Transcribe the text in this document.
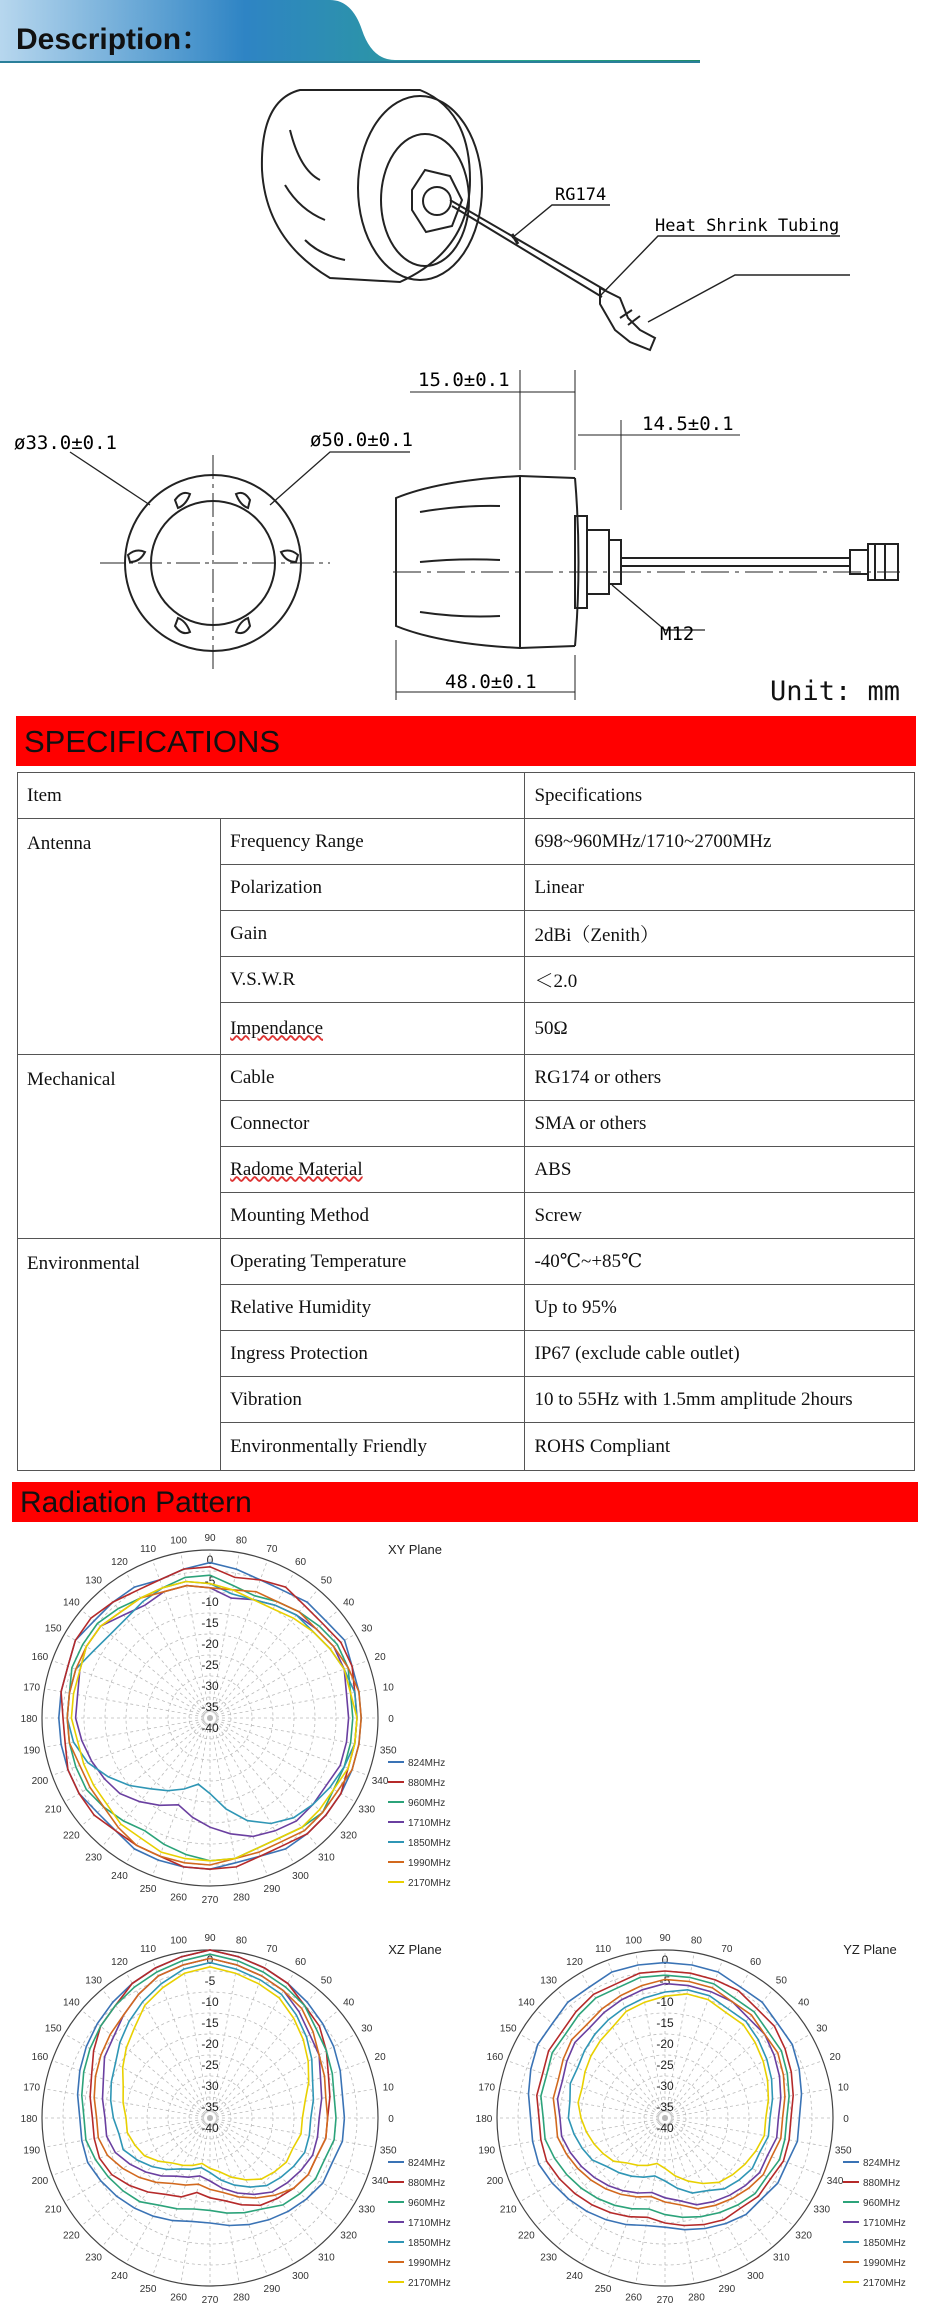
Description：
RG174
Heat Shrink Tubing
ø33.0±0.1	ø50.0±0.1
15.0±0.1
14.5±0.1
M12
48.0±0.1	Unit: mm
SPECIFICATIONS
Item		Specifications
Antenna	Frequency Range	698~960MHz/1710~2700MHz
	Polarization	Linear
	Gain	2dBi（Zenith）
	V.S.W.R	＜2.0
	Impendance	50Ω
Mechanical	Cable	RG174 or others
	Connector	SMA or others
	Radome Material	ABS
	Mounting Method	Screw
Environmental	Operating Temperature	-40℃~+85℃
	Relative Humidity	Up to 95%
	Ingress Protection	IP67 (exclude cable outlet)
	Vibration	10 to 55Hz with 1.5mm amplitude 2hours
	Environmentally Friendly	ROHS Compliant
Radiation Pattern
0
10
20
30
40
50
60
70
80
90
100
110
120
130
140
150
160
170
180
190
200
210
220
230
240
250
260 270 280
290
300
310
320
330
340
350
0
-5
-10
-15
-20
-25
-30
-35
-40
XY Plane
824MHz
880MHz
960MHz
1710MHz
1850MHz
1990MHz
2170MHz
0
10
20
30
40
50
60
70
80
90
100
110
120
130
140
150
160
170
180
190
200
210
220
230
240
250
260 270 280
290
300
310
320
330
340
350
0
-5
-10
-15
-20
-25
-30
-35
-40
XZ Plane
824MHz
880MHz
960MHz
1710MHz
1850MHz
1990MHz
2170MHz
0
10
20
30
40
50
60
70
80
90
100
110
120
130
140
150
160
170
180
190
200
210
220
230
240
250
260 270 280
290
300
310
320
330
340
350
0
-5
-10
-15
-20
-25
-30
-35
-40
YZ Plane
824MHz
880MHz
960MHz
1710MHz
1850MHz
1990MHz
2170MHz
